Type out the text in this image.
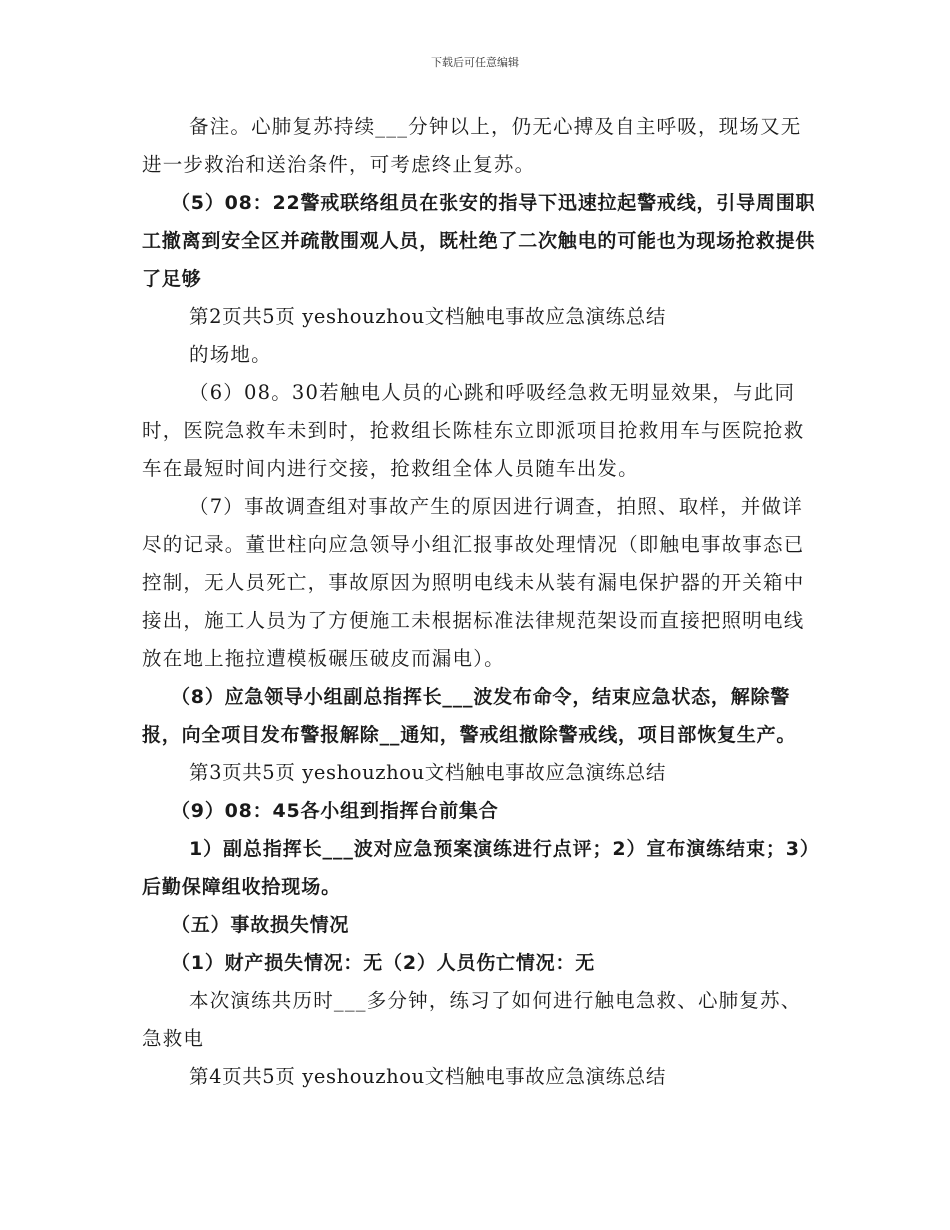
下载后可任意编辑

备注。心肺复苏持续___分钟以上，仍无心搏及自主呼吸，现场又无进一步救治和送治条件，可考虑终止复苏。

（5）08：22警戒联络组员在张安的指导下迅速拉起警戒线，引导周围职工撤离到安全区并疏散围观人员，既杜绝了二次触电的可能也为现场抢救提供了足够

第2页共5页 yeshouzhou文档触电事故应急演练总结

的场地。

（6）08。30若触电人员的心跳和呼吸经急救无明显效果，与此同时，医院急救车未到时，抢救组长陈桂东立即派项目抢救用车与医院抢救车在最短时间内进行交接，抢救组全体人员随车出发。

（7）事故调查组对事故产生的原因进行调查，拍照、取样，并做详尽的记录。董世柱向应急领导小组汇报事故处理情况（即触电事故事态已控制，无人员死亡，事故原因为照明电线未从装有漏电保护器的开关箱中接出，施工人员为了方便施工未根据标准法律规范架设而直接把照明电线放在地上拖拉遭模板碾压破皮而漏电）。

（8）应急领导小组副总指挥长___波发布命令，结束应急状态，解除警报，向全项目发布警报解除__通知，警戒组撤除警戒线，项目部恢复生产。

第3页共5页 yeshouzhou文档触电事故应急演练总结

（9）08：45各小组到指挥台前集合

1）副总指挥长___波对应急预案演练进行点评；2）宣布演练结束；3）后勤保障组收拾现场。

（五）事故损失情况

（1）财产损失情况：无（2）人员伤亡情况：无

本次演练共历时___多分钟，练习了如何进行触电急救、心肺复苏、急救电

第4页共5页 yeshouzhou文档触电事故应急演练总结
